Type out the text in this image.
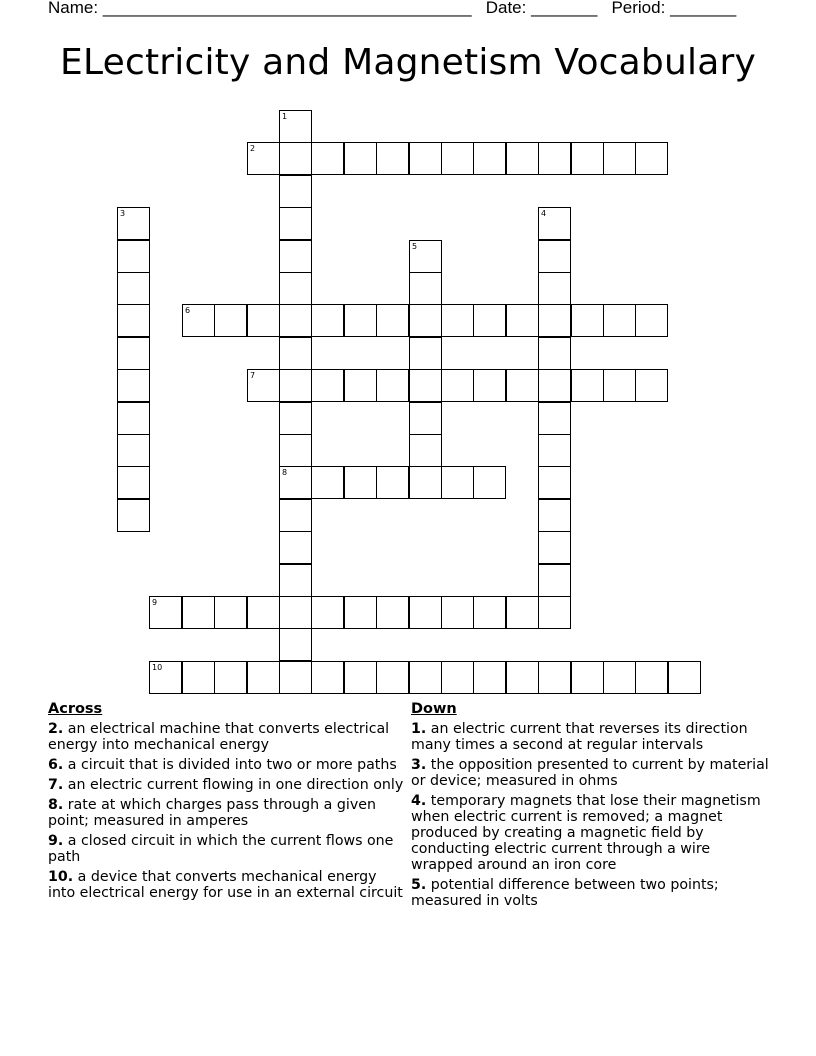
Name: _______________________________________ Date: _______ Period: _______
ELectricity and Magnetism Vocabulary
1
8
2
3	4
5
6
7
9
10
Across
2. an electrical machine that converts electrical energy into mechanical energy
6. a circuit that is divided into two or more paths
7. an electric current flowing in one direction only
8. rate at which charges pass through a given point; measured in amperes
9. a closed circuit in which the current flows one path
10. a device that converts mechanical energy into electrical energy for use in an external circuit
Down
1. an electric current that reverses its direction many times a second at regular intervals
3. the opposition presented to current by material or device; measured in ohms
4. temporary magnets that lose their magnetism when electric current is removed; a magnet produced by creating a magnetic field by conducting electric current through a wire wrapped around an iron core
5. potential difference between two points; measured in volts
